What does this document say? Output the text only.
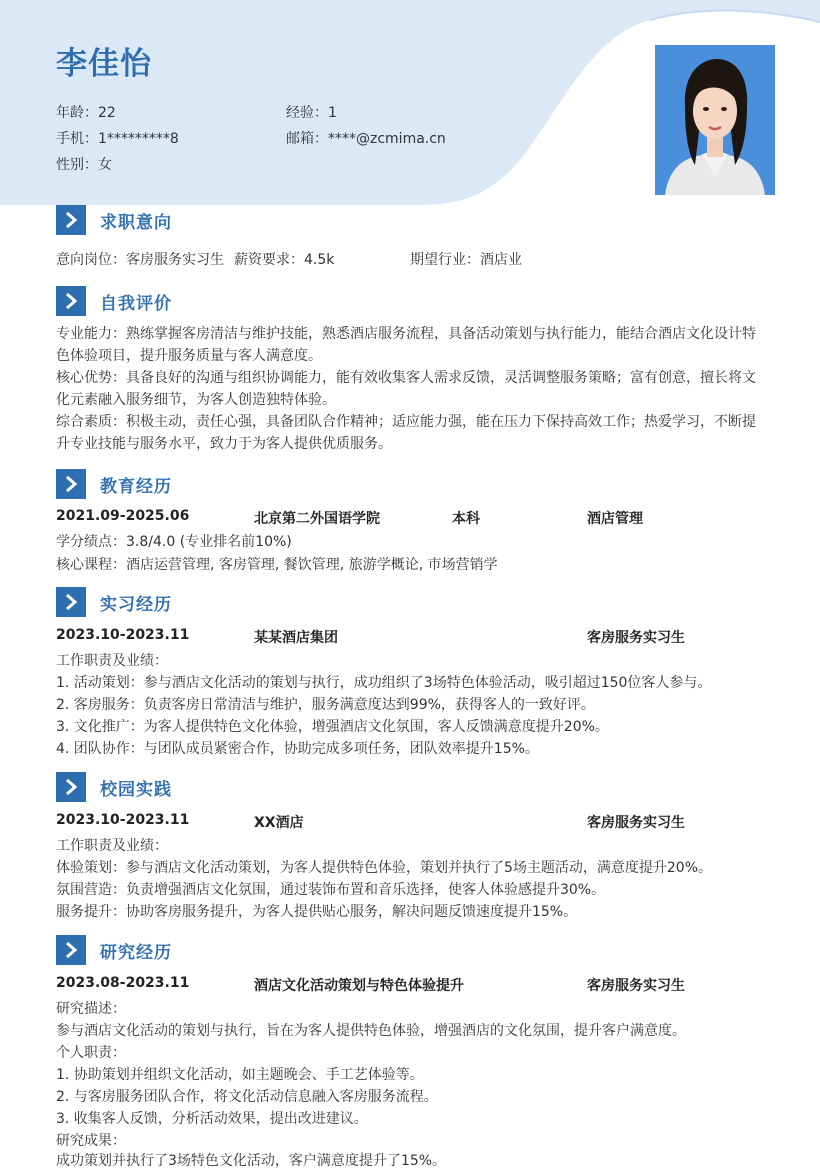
李佳怡
年龄：22	经验：1
手机：1*********8	邮箱：****@zcmima.cn
性别：女
求职意向
意向岗位：客房服务实习生 薪资要求：4.5k	期望行业：酒店业
自我评价
专业能力：熟练掌握客房清洁与维护技能，熟悉酒店服务流程，具备活动策划与执行能力，能结合酒店文化设计特色体验项目，提升服务质量与客人满意度。
核心优势：具备良好的沟通与组织协调能力，能有效收集客人需求反馈，灵活调整服务策略；富有创意，擅长将文化元素融入服务细节，为客人创造独特体验。
综合素质：积极主动，责任心强，具备团队合作精神；适应能力强，能在压力下保持高效工作；热爱学习，不断提升专业技能与服务水平，致力于为客人提供优质服务。
教育经历
2021.09-2025.06	北京第二外国语学院	本科	酒店管理
学分绩点：3.8/4.0 (专业排名前10%)
核心课程：酒店运营管理, 客房管理, 餐饮管理, 旅游学概论, 市场营销学
实习经历
2023.10-2023.11	某某酒店集团	客房服务实习生
工作职责及业绩：
1. 活动策划：参与酒店文化活动的策划与执行，成功组织了3场特色体验活动，吸引超过150位客人参与。
2. 客房服务：负责客房日常清洁与维护，服务满意度达到99%，获得客人的一致好评。
3. 文化推广：为客人提供特色文化体验，增强酒店文化氛围，客人反馈满意度提升20%。
4. 团队协作：与团队成员紧密合作，协助完成多项任务，团队效率提升15%。
校园实践
2023.10-2023.11	XX酒店	客房服务实习生
工作职责及业绩：
体验策划：参与酒店文化活动策划，为客人提供特色体验，策划并执行了5场主题活动，满意度提升20%。
氛围营造：负责增强酒店文化氛围，通过装饰布置和音乐选择，使客人体验感提升30%。
服务提升：协助客房服务提升，为客人提供贴心服务，解决问题反馈速度提升15%。
研究经历
2023.08-2023.11	酒店文化活动策划与特色体验提升	客房服务实习生
研究描述：
参与酒店文化活动的策划与执行，旨在为客人提供特色体验，增强酒店的文化氛围，提升客户满意度。
个人职责：
1. 协助策划并组织文化活动，如主题晚会、手工艺体验等。
2. 与客房服务团队合作，将文化活动信息融入客房服务流程。
3. 收集客人反馈，分析活动效果，提出改进建议。
研究成果：
成功策划并执行了3场特色文化活动，客户满意度提升了15%。
